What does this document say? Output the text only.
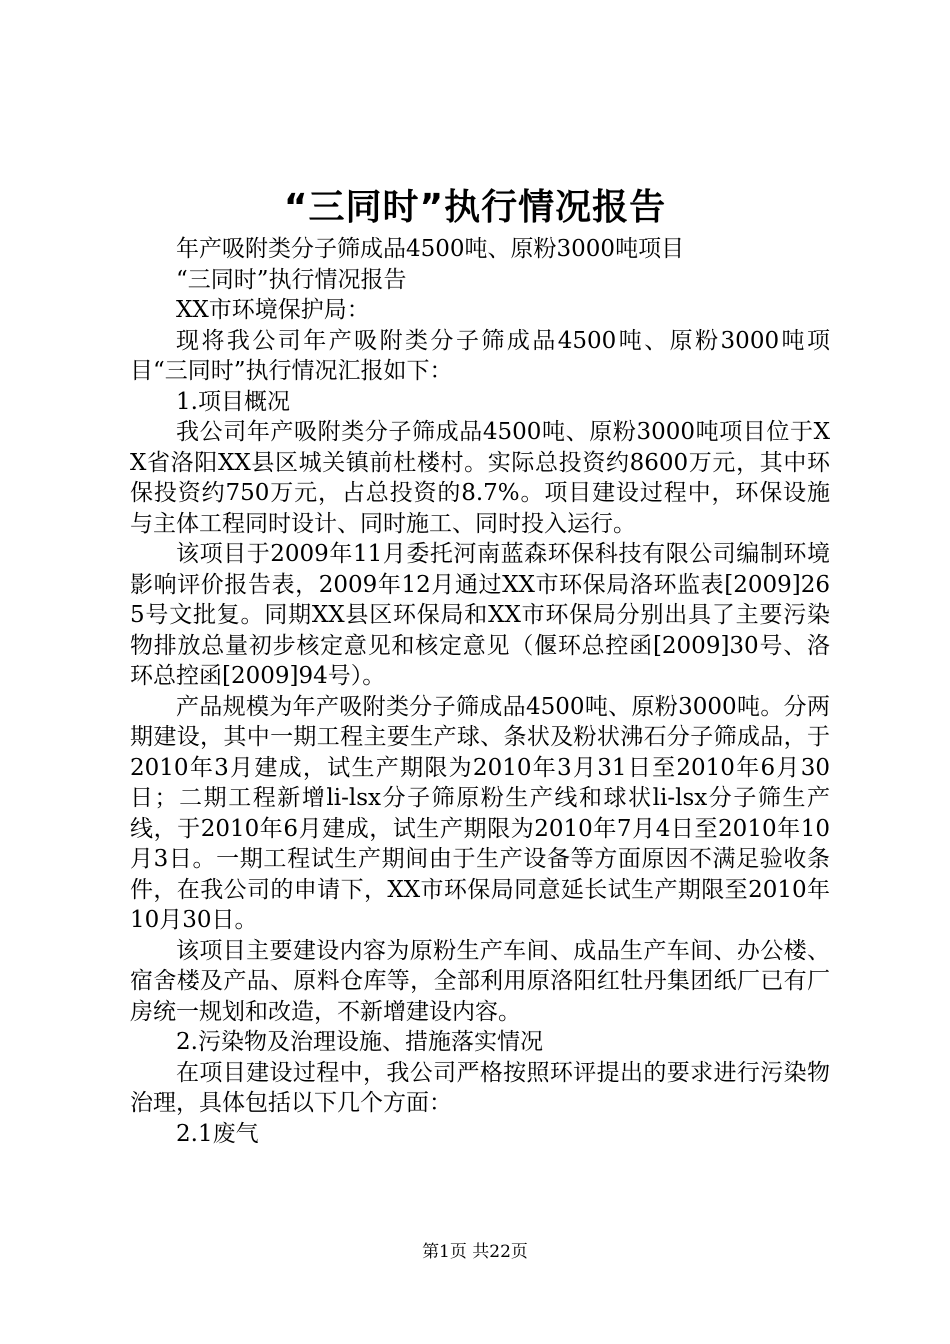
“三同时”执行情况报告

年产吸附类分子筛成品4500吨、原粉3000吨项目

“三同时”执行情况报告

XX市环境保护局：

现将我公司年产吸附类分子筛成品4500吨、原粉3000吨项目“三同时”执行情况汇报如下：

1.项目概况

我公司年产吸附类分子筛成品4500吨、原粉3000吨项目位于XX省洛阳XX县区城关镇前杜楼村。实际总投资约8600万元，其中环保投资约750万元，占总投资的8.7%。项目建设过程中，环保设施与主体工程同时设计、同时施工、同时投入运行。

该项目于2009年11月委托河南蓝森环保科技有限公司编制环境影响评价报告表，2009年12月通过XX市环保局洛环监表[2009]265号文批复。同期XX县区环保局和XX市环保局分别出具了主要污染物排放总量初步核定意见和核定意见（偃环总控函[2009]30号、洛环总控函[2009]94号）。

产品规模为年产吸附类分子筛成品4500吨、原粉3000吨。分两期建设，其中一期工程主要生产球、条状及粉状沸石分子筛成品，于2010年3月建成，试生产期限为2010年3月31日至2010年6月30日；二期工程新增li-lsx分子筛原粉生产线和球状li-lsx分子筛生产线，于2010年6月建成，试生产期限为2010年7月4日至2010年10月3日。一期工程试生产期间由于生产设备等方面原因不满足验收条件，在我公司的申请下，XX市环保局同意延长试生产期限至2010年10月30日。

该项目主要建设内容为原粉生产车间、成品生产车间、办公楼、宿舍楼及产品、原料仓库等，全部利用原洛阳红牡丹集团纸厂已有厂房统一规划和改造，不新增建设内容。

2.污染物及治理设施、措施落实情况

在项目建设过程中，我公司严格按照环评提出的要求进行污染物治理，具体包括以下几个方面：

2.1废气

第1页 共22页
